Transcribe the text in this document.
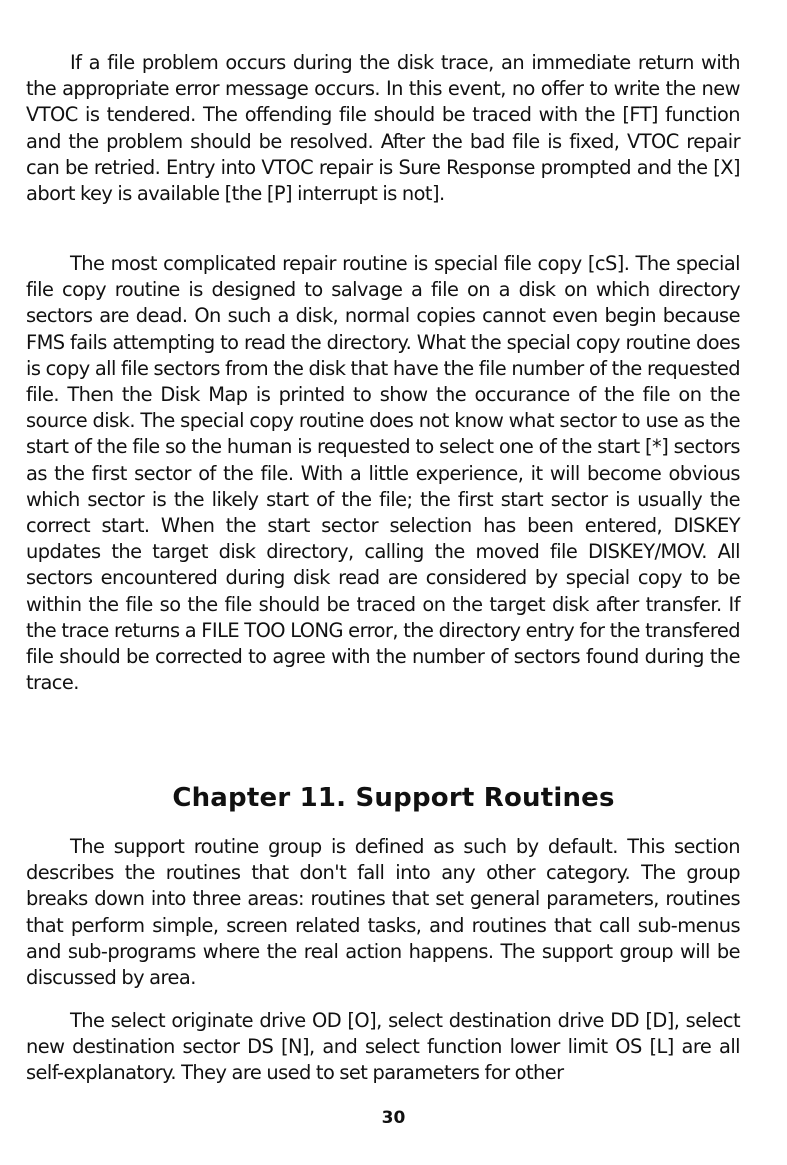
If a file problem occurs during the disk trace, an immediate return with the appropriate error message occurs. In this event, no offer to write the new VTOC is tendered. The offending file should be traced with the [FT] function and the problem should be resolved. After the bad file is fixed, VTOC repair can be retried. Entry into VTOC repair is Sure Response prompted and the [X] abort key is available [the [P] interrupt is not].

The most complicated repair routine is special file copy [cS]. The special file copy routine is designed to salvage a file on a disk on which directory sectors are dead. On such a disk, normal copies cannot even begin because FMS fails attempting to read the directory. What the special copy routine does is copy all file sectors from the disk that have the file number of the requested file. Then the Disk Map is printed to show the occurance of the file on the source disk. The special copy routine does not know what sector to use as the start of the file so the human is requested to select one of the start [*] sectors as the first sector of the file. With a little experience, it will become obvious which sector is the likely start of the file; the first start sector is usually the correct start. When the start sector selection has been entered, DISKEY updates the target disk directory, calling the moved file DISKEY/MOV. All sectors encountered during disk read are considered by special copy to be within the file so the file should be traced on the target disk after transfer. If the trace returns a FILE TOO LONG error, the directory entry for the transfered file should be corrected to agree with the number of sectors found during the trace.

Chapter 11. Support Routines

The support routine group is defined as such by default. This section describes the routines that don't fall into any other category. The group breaks down into three areas: routines that set general parameters, routines that perform simple, screen related tasks, and routines that call sub-menus and sub-programs where the real action happens. The support group will be discussed by area.

The select originate drive OD [O], select destination drive DD [D], select new destination sector DS [N], and select function lower limit OS [L] are all self-explanatory. They are used to set parameters for other

30
